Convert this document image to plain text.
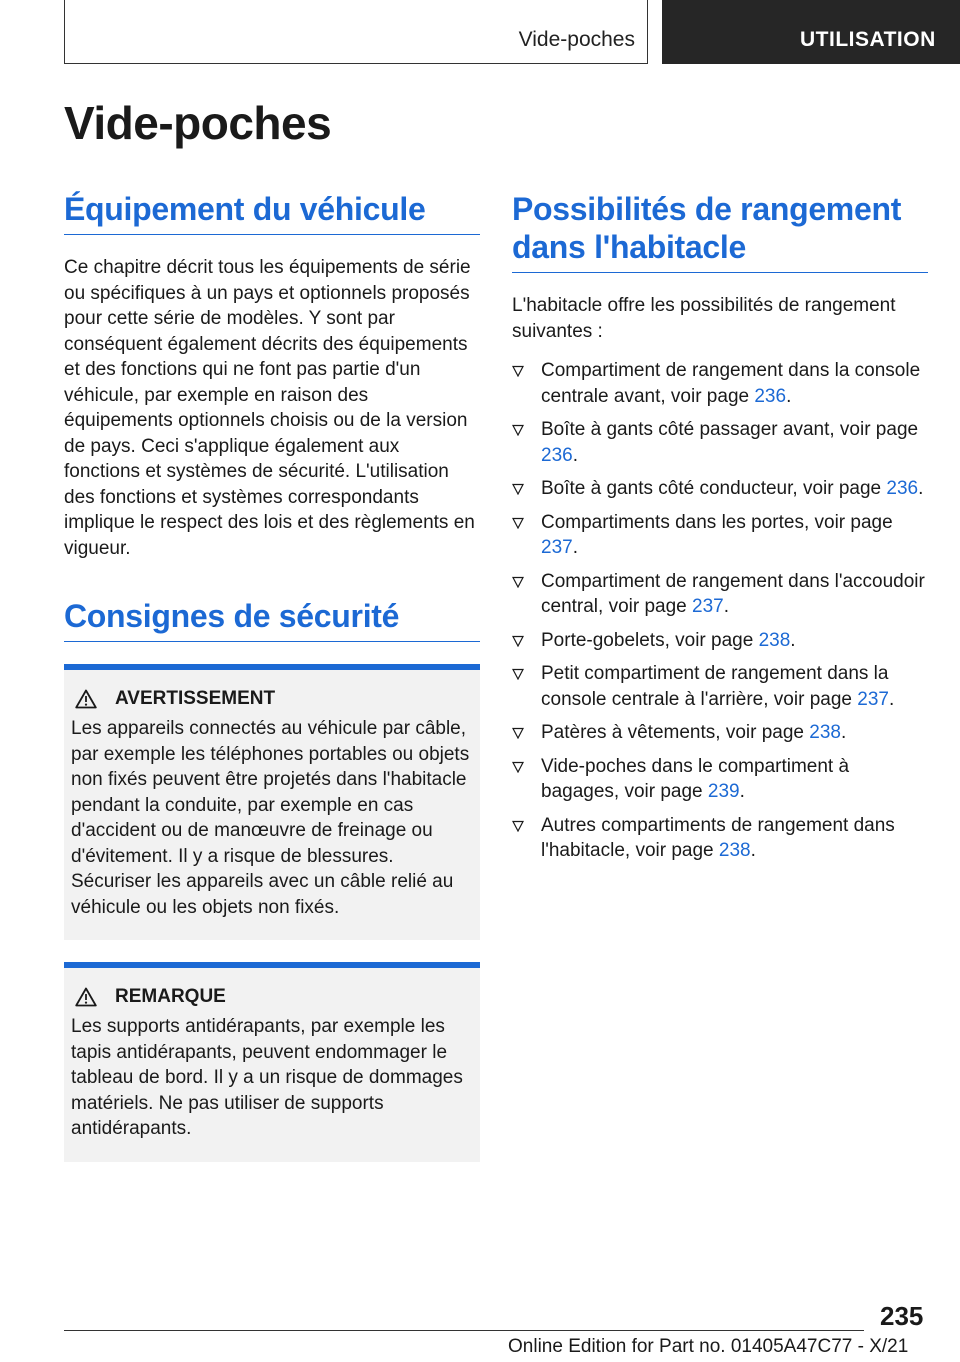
Vide-poches	UTILISATION
Vide-poches
Équipement du véhicule

Ce chapitre décrit tous les équipements de série ou spécifiques à un pays et optionnels proposés pour cette série de modèles. Y sont par conséquent également décrits des équipements et des fonctions qui ne font pas partie d'un véhicule, par exemple en raison des équipements optionnels choisis ou de la version de pays. Ceci s'applique également aux fonctions et systèmes de sécurité. L'utilisation des fonctions et systèmes correspondants implique le respect des lois et des règlements en vigueur.

Consignes de sécurité
AVERTISSEMENT

Les appareils connectés au véhicule par câble, par exemple les téléphones portables ou objets non fixés peuvent être projetés dans l'habitacle pendant la conduite, par exemple en cas d'accident ou de manœuvre de freinage ou d'évitement. Il y a risque de blessures. Sécuriser les appareils avec un câble relié au véhicule ou les objets non fixés.

REMARQUE

Les supports antidérapants, par exemple les tapis antidérapants, peuvent endommager le tableau de bord. Il y a un risque de dommages matériels. Ne pas utiliser de supports antidérapants.

Possibilités de rangement dans l'habitacle

L'habitacle offre les possibilités de rangement suivantes :

Compartiment de rangement dans la console centrale avant, voir page 236.
Boîte à gants côté passager avant, voir page 236.
Boîte à gants côté conducteur, voir page 236.
Compartiments dans les portes, voir page 237.
Compartiment de rangement dans l'accoudoir central, voir page 237.
Porte-gobelets, voir page 238.
Petit compartiment de rangement dans la console centrale à l'arrière, voir page 237.
Patères à vêtements, voir page 238.
Vide-poches dans le compartiment à bagages, voir page 239.
Autres compartiments de rangement dans l'habitacle, voir page 238.
235
Online Edition for Part no. 01405A47C77 - X/21
